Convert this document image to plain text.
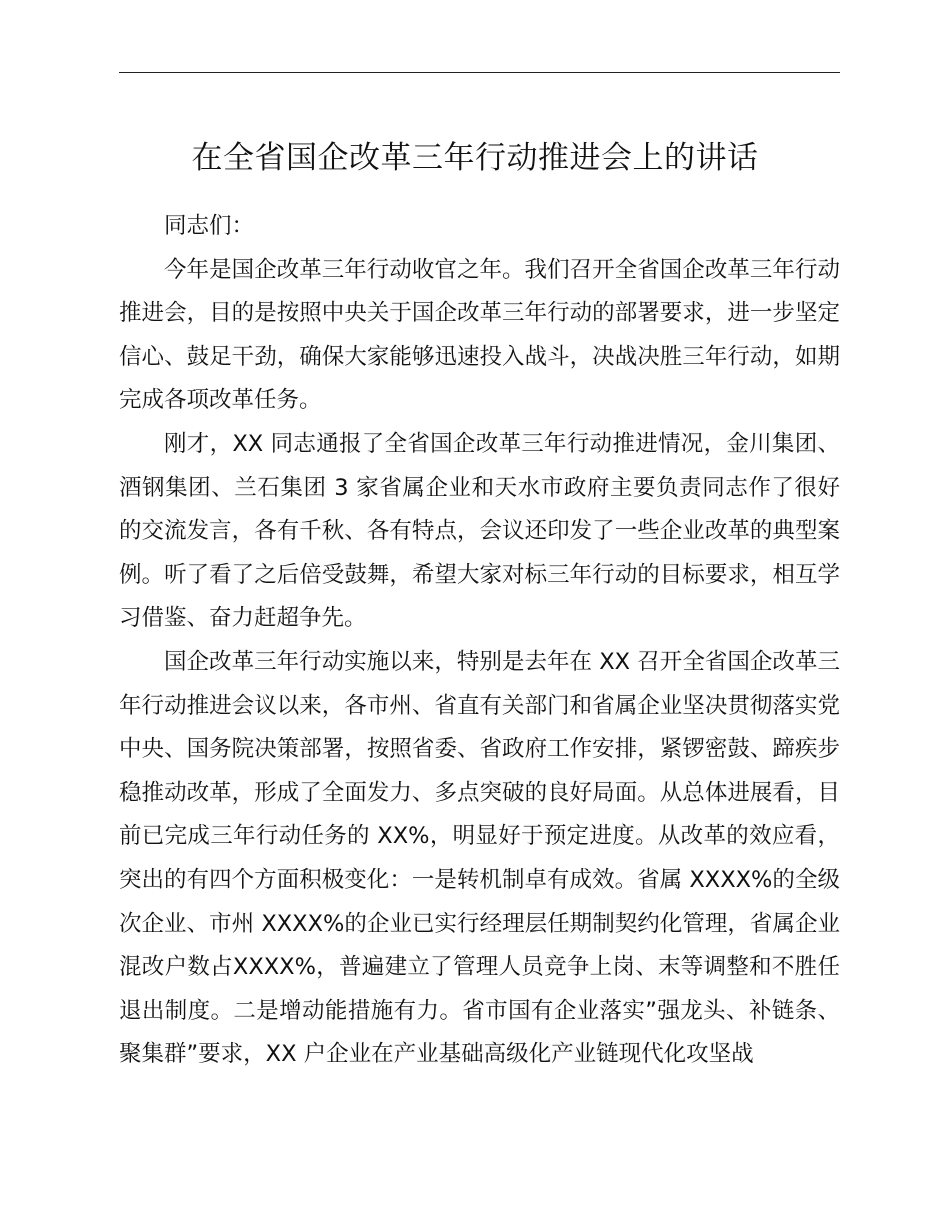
在全省国企改革三年行动推进会上的讲话

同志们：

今年是国企改革三年行动收官之年。我们召开全省国企改革三年行动推进会，目的是按照中央关于国企改革三年行动的部署要求，进一步坚定信心、鼓足干劲，确保大家能够迅速投入战斗，决战决胜三年行动，如期完成各项改革任务。

刚才，XX 同志通报了全省国企改革三年行动推进情况，金川集团、酒钢集团、兰石集团 3 家省属企业和天水市政府主要负责同志作了很好的交流发言，各有千秋、各有特点，会议还印发了一些企业改革的典型案例。听了看了之后倍受鼓舞，希望大家对标三年行动的目标要求，相互学习借鉴、奋力赶超争先。

国企改革三年行动实施以来，特别是去年在 XX 召开全省国企改革三年行动推进会议以来，各市州、省直有关部门和省属企业坚决贯彻落实党中央、国务院决策部署，按照省委、省政府工作安排，紧锣密鼓、蹄疾步稳推动改革，形成了全面发力、多点突破的良好局面。从总体进展看，目前已完成三年行动任务的 XX%，明显好于预定进度。从改革的效应看，突出的有四个方面积极变化：一是转机制卓有成效。省属 XXXX%的全级次企业、市州 XXXX%的企业已实行经理层任期制契约化管理，省属企业混改户数占XXXX%，普遍建立了管理人员竞争上岗、末等调整和不胜任退出制度。二是增动能措施有力。省市国有企业落实”强龙头、补链条、聚集群”要求，XX 户企业在产业基础高级化产业链现代化攻坚战
